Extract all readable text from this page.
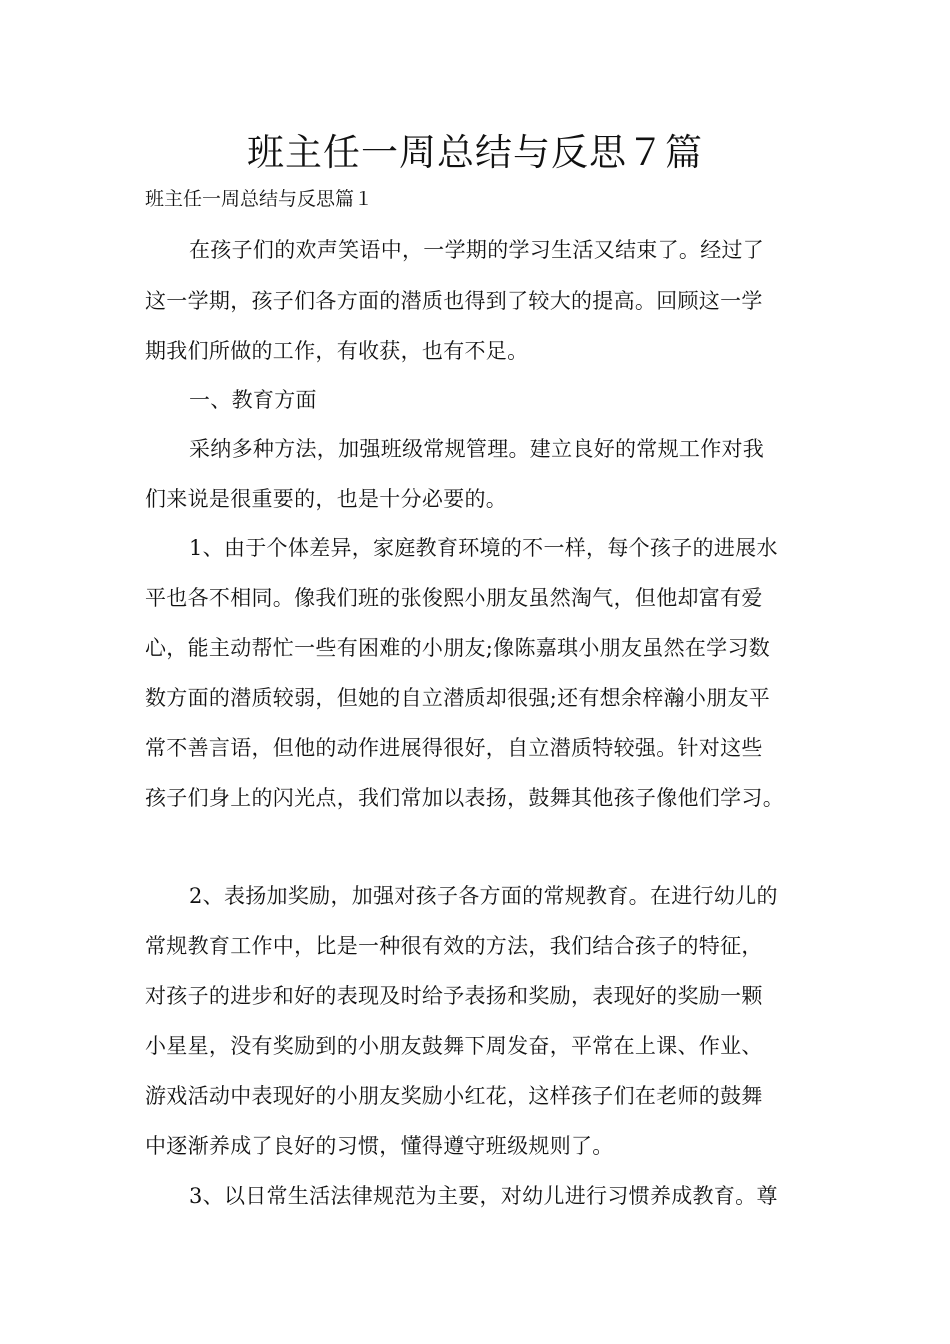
班主任一周总结与反思７篇
班主任一周总结与反思篇１
在孩子们的欢声笑语中，一学期的学习生活又结束了。经过了
这一学期，孩子们各方面的潜质也得到了较大的提高。回顾这一学
期我们所做的工作，有收获，也有不足。
一、教育方面
采纳多种方法，加强班级常规管理。建立良好的常规工作对我
们来说是很重要的，也是十分必要的。
1、由于个体差异，家庭教育环境的不一样，每个孩子的进展水
平也各不相同。像我们班的张俊熙小朋友虽然淘气，但他却富有爱
心，能主动帮忙一些有困难的小朋友;像陈嘉琪小朋友虽然在学习数
数方面的潜质较弱，但她的自立潜质却很强;还有想余梓瀚小朋友平
常不善言语，但他的动作进展得很好，自立潜质特较强。针对这些
孩子们身上的闪光点，我们常加以表扬，鼓舞其他孩子像他们学习。
2、表扬加奖励，加强对孩子各方面的常规教育。在进行幼儿的
常规教育工作中，比是一种很有效的方法，我们结合孩子的特征，
对孩子的进步和好的表现及时给予表扬和奖励，表现好的奖励一颗
小星星，没有奖励到的小朋友鼓舞下周发奋，平常在上课、作业、
游戏活动中表现好的小朋友奖励小红花，这样孩子们在老师的鼓舞
中逐渐养成了良好的习惯，懂得遵守班级规则了。
3、以日常生活法律规范为主要，对幼儿进行习惯养成教育。尊
